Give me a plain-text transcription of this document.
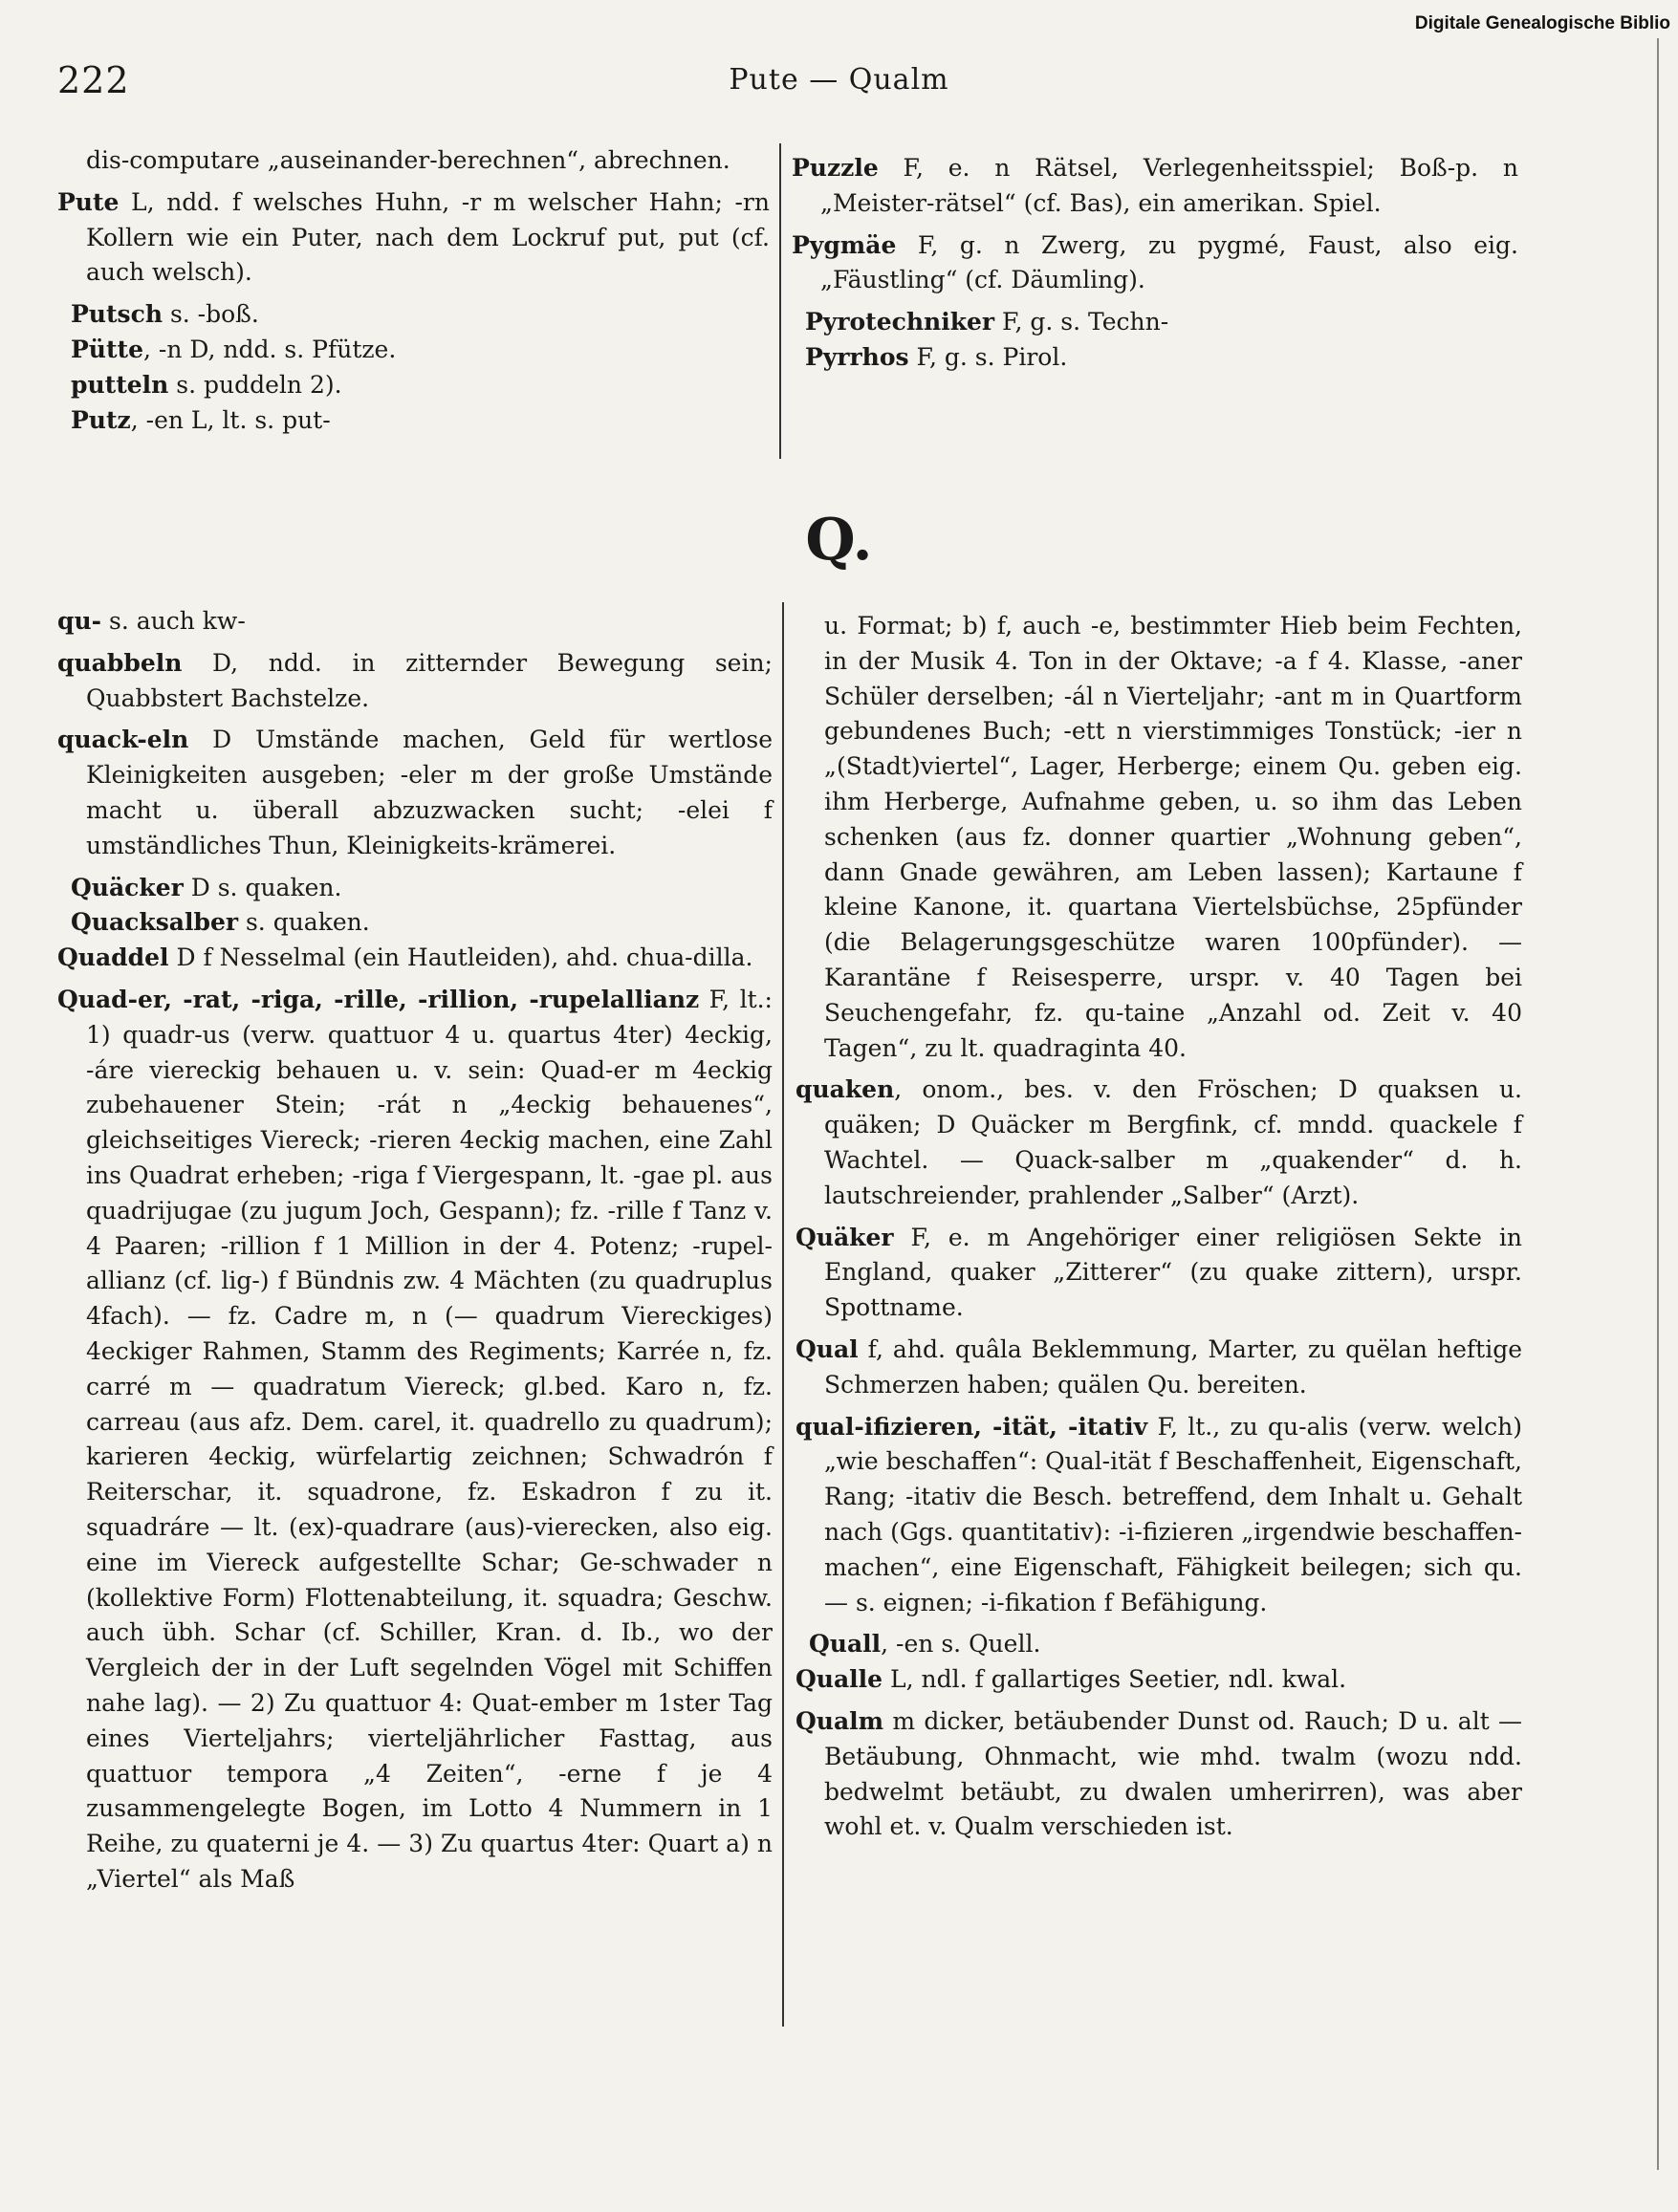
Digitale Genealogische Biblio
222	Pute — Qualm

dis-computare „auseinander-berechnen“, abrechnen.

Pute L, ndd. f welsches Huhn, -r m welscher Hahn; -rn Kollern wie ein Puter, nach dem Lockruf put, put (cf. auch welsch).

Putsch s. -boß.

Pütte, -n D, ndd. s. Pfütze.

putteln s. puddeln 2).

Putz, -en L, lt. s. put-

Puzzle F, e. n Rätsel, Verlegenheitsspiel; Boß-p. n „Meister-rätsel“ (cf. Bas), ein amerikan. Spiel.

Pygmäe F, g. n Zwerg, zu pygmé, Faust, also eig. „Fäustling“ (cf. Däumling).

Pyrotechniker F, g. s. Techn-

Pyrrhos F, g. s. Pirol.

Q.

qu- s. auch kw-

quabbeln D, ndd. in zitternder Bewegung sein; Quabbstert Bachstelze.

quack-eln D Umstände machen, Geld für wertlose Kleinigkeiten ausgeben; -eler m der große Umstände macht u. überall abzuzwacken sucht; -elei f umständliches Thun, Kleinigkeits-krämerei.

Quäcker D s. quaken.

Quacksalber s. quaken.

Quaddel D f Nesselmal (ein Hautleiden), ahd. chua-dilla.

Quad-er, -rat, -riga, -rille, -rillion, -rupelallianz F, lt.: 1) quadr-us (verw. quattuor 4 u. quartus 4ter) 4eckig, -áre viereckig behauen u. v. sein: Quad-er m 4eckig zubehauener Stein; -rát n „4eckig behauenes“, gleichseitiges Viereck; -rieren 4eckig machen, eine Zahl ins Quadrat erheben; -riga f Viergespann, lt. -gae pl. aus quadrijugae (zu jugum Joch, Gespann); fz. -rille f Tanz v. 4 Paaren; -rillion f 1 Million in der 4. Potenz; -rupel-allianz (cf. lig-) f Bündnis zw. 4 Mächten (zu quadruplus 4fach). — fz. Cadre m, n (— quadrum Viereckiges) 4eckiger Rahmen, Stamm des Regiments; Karrée n, fz. carré m — quadratum Viereck; gl.bed. Karo n, fz. carreau (aus afz. Dem. carel, it. quadrello zu quadrum); karieren 4eckig, würfelartig zeichnen; Schwadrón f Reiterschar, it. squadrone, fz. Eskadron f zu it. squadráre — lt. (ex)-quadrare (aus)-vierecken, also eig. eine im Viereck aufgestellte Schar; Ge-schwader n (kollektive Form) Flottenabteilung, it. squadra; Geschw. auch übh. Schar (cf. Schiller, Kran. d. Ib., wo der Vergleich der in der Luft segelnden Vögel mit Schiffen nahe lag). — 2) Zu quattuor 4: Quat-ember m 1ster Tag eines Vierteljahrs; vierteljährlicher Fasttag, aus quattuor tempora „4 Zeiten“, -erne f je 4 zusammengelegte Bogen, im Lotto 4 Nummern in 1 Reihe, zu quaterni je 4. — 3) Zu quartus 4ter: Quart a) n „Viertel“ als Maß

u. Format; b) f, auch -e, bestimmter Hieb beim Fechten, in der Musik 4. Ton in der Oktave; -a f 4. Klasse, -aner Schüler derselben; -ál n Vierteljahr; -ant m in Quartform gebundenes Buch; -ett n vierstimmiges Tonstück; -ier n „(Stadt)viertel“, Lager, Herberge; einem Qu. geben eig. ihm Herberge, Aufnahme geben, u. so ihm das Leben schenken (aus fz. donner quartier „Wohnung geben“, dann Gnade gewähren, am Leben lassen); Kartaune f kleine Kanone, it. quartana Viertelsbüchse, 25pfünder (die Belagerungsgeschütze waren 100pfünder). — Karantäne f Reisesperre, urspr. v. 40 Tagen bei Seuchengefahr, fz. qu-taine „Anzahl od. Zeit v. 40 Tagen“, zu lt. quadraginta 40.

quaken, onom., bes. v. den Fröschen; D quaksen u. quäken; D Quäcker m Bergfink, cf. mndd. quackele f Wachtel. — Quack-salber m „quakender“ d. h. lautschreiender, prahlender „Salber“ (Arzt).

Quäker F, e. m Angehöriger einer religiösen Sekte in England, quaker „Zitterer“ (zu quake zittern), urspr. Spottname.

Qual f, ahd. quâla Beklemmung, Marter, zu quëlan heftige Schmerzen haben; quälen Qu. bereiten.

qual-ifizieren, -ität, -itativ F, lt., zu qu-alis (verw. welch) „wie beschaffen“: Qual-ität f Beschaffenheit, Eigenschaft, Rang; -itativ die Besch. betreffend, dem Inhalt u. Gehalt nach (Ggs. quantitativ): -i-fizieren „irgendwie beschaffen-machen“, eine Eigenschaft, Fähigkeit beilegen; sich qu. — s. eignen; -i-fikation f Befähigung.

Quall, -en s. Quell.

Qualle L, ndl. f gallartiges Seetier, ndl. kwal.

Qualm m dicker, betäubender Dunst od. Rauch; D u. alt — Betäubung, Ohnmacht, wie mhd. twalm (wozu ndd. bedwelmt betäubt, zu dwalen umherirren), was aber wohl et. v. Qualm verschieden ist.
